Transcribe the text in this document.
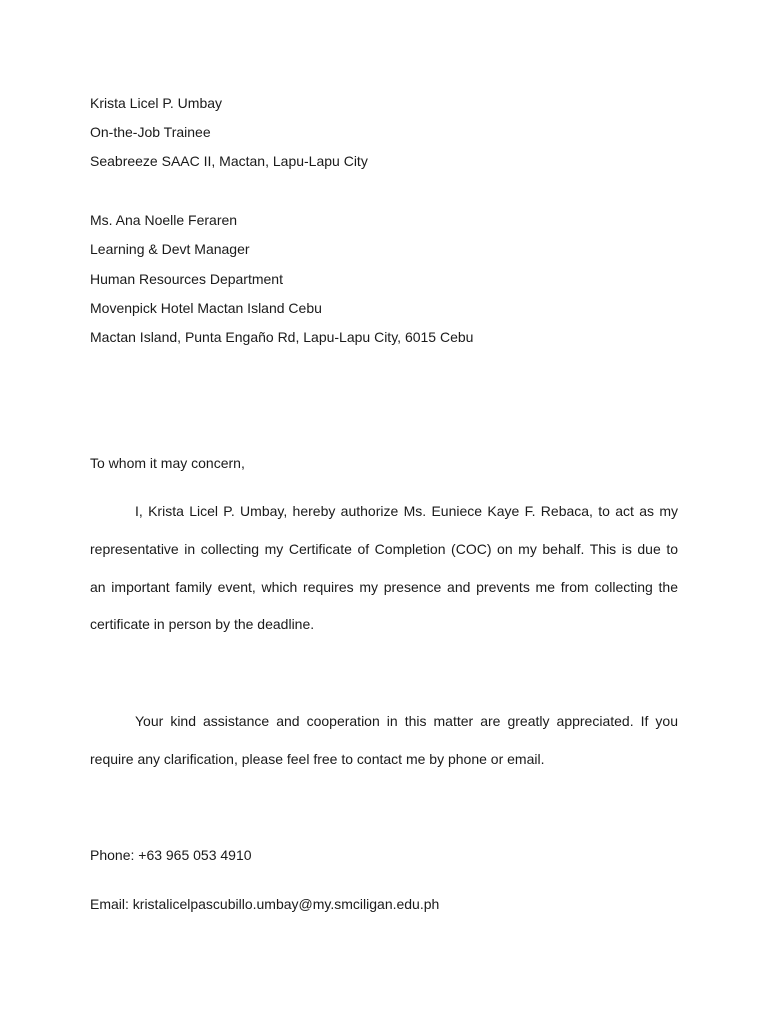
Krista Licel P. Umbay
On-the-Job Trainee
Seabreeze SAAC II, Mactan, Lapu-Lapu City
Ms. Ana Noelle Feraren
Learning & Devt Manager
Human Resources Department
Movenpick Hotel Mactan Island Cebu
Mactan Island, Punta Engaño Rd, Lapu-Lapu City, 6015 Cebu
To whom it may concern,
I, Krista Licel P. Umbay, hereby authorize Ms. Euniece Kaye F. Rebaca, to act as my
representative in collecting my Certificate of Completion (COC) on my behalf. This is due to
an important family event, which requires my presence and prevents me from collecting the
certificate in person by the deadline.
Your kind assistance and cooperation in this matter are greatly appreciated. If you
require any clarification, please feel free to contact me by phone or email.
Phone: +63 965 053 4910
Email: kristalicelpascubillo.umbay@my.smciligan.edu.ph
